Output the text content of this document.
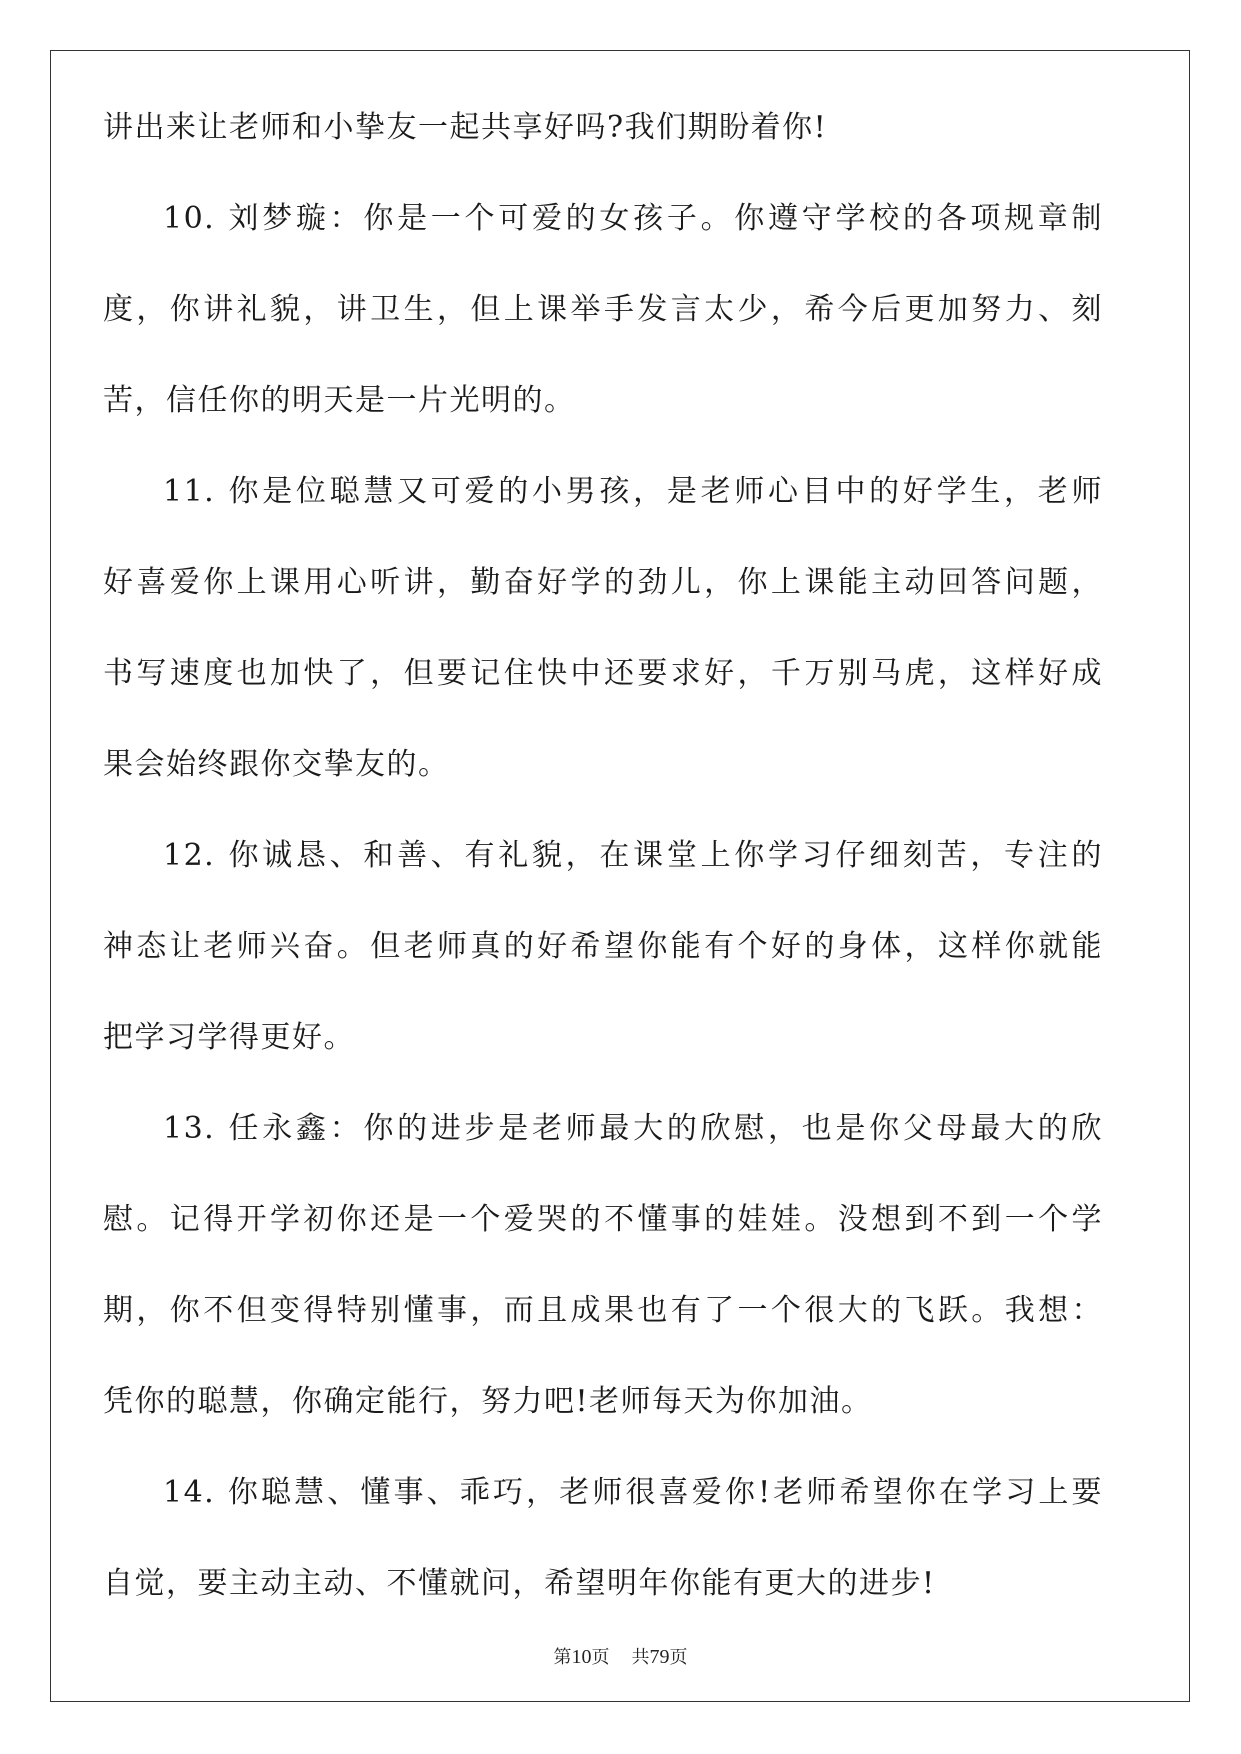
讲出来让老师和小挚友一起共享好吗?我们期盼着你!
10. 刘梦璇：你是一个可爱的女孩子。你遵守学校的各项规章制
度，你讲礼貌，讲卫生，但上课举手发言太少，希今后更加努力、刻
苦，信任你的明天是一片光明的。
11. 你是位聪慧又可爱的小男孩，是老师心目中的好学生，老师
好喜爱你上课用心听讲，勤奋好学的劲儿，你上课能主动回答问题，
书写速度也加快了，但要记住快中还要求好，千万别马虎，这样好成
果会始终跟你交挚友的。
12. 你诚恳、和善、有礼貌，在课堂上你学习仔细刻苦，专注的
神态让老师兴奋。但老师真的好希望你能有个好的身体，这样你就能
把学习学得更好。
13. 任永鑫：你的进步是老师最大的欣慰，也是你父母最大的欣
慰。记得开学初你还是一个爱哭的不懂事的娃娃。没想到不到一个学
期，你不但变得特别懂事，而且成果也有了一个很大的飞跃。我想：
凭你的聪慧，你确定能行，努力吧!老师每天为你加油。
14. 你聪慧、懂事、乖巧，老师很喜爱你!老师希望你在学习上要
自觉，要主动主动、不懂就问，希望明年你能有更大的进步!
第10页 共79页
